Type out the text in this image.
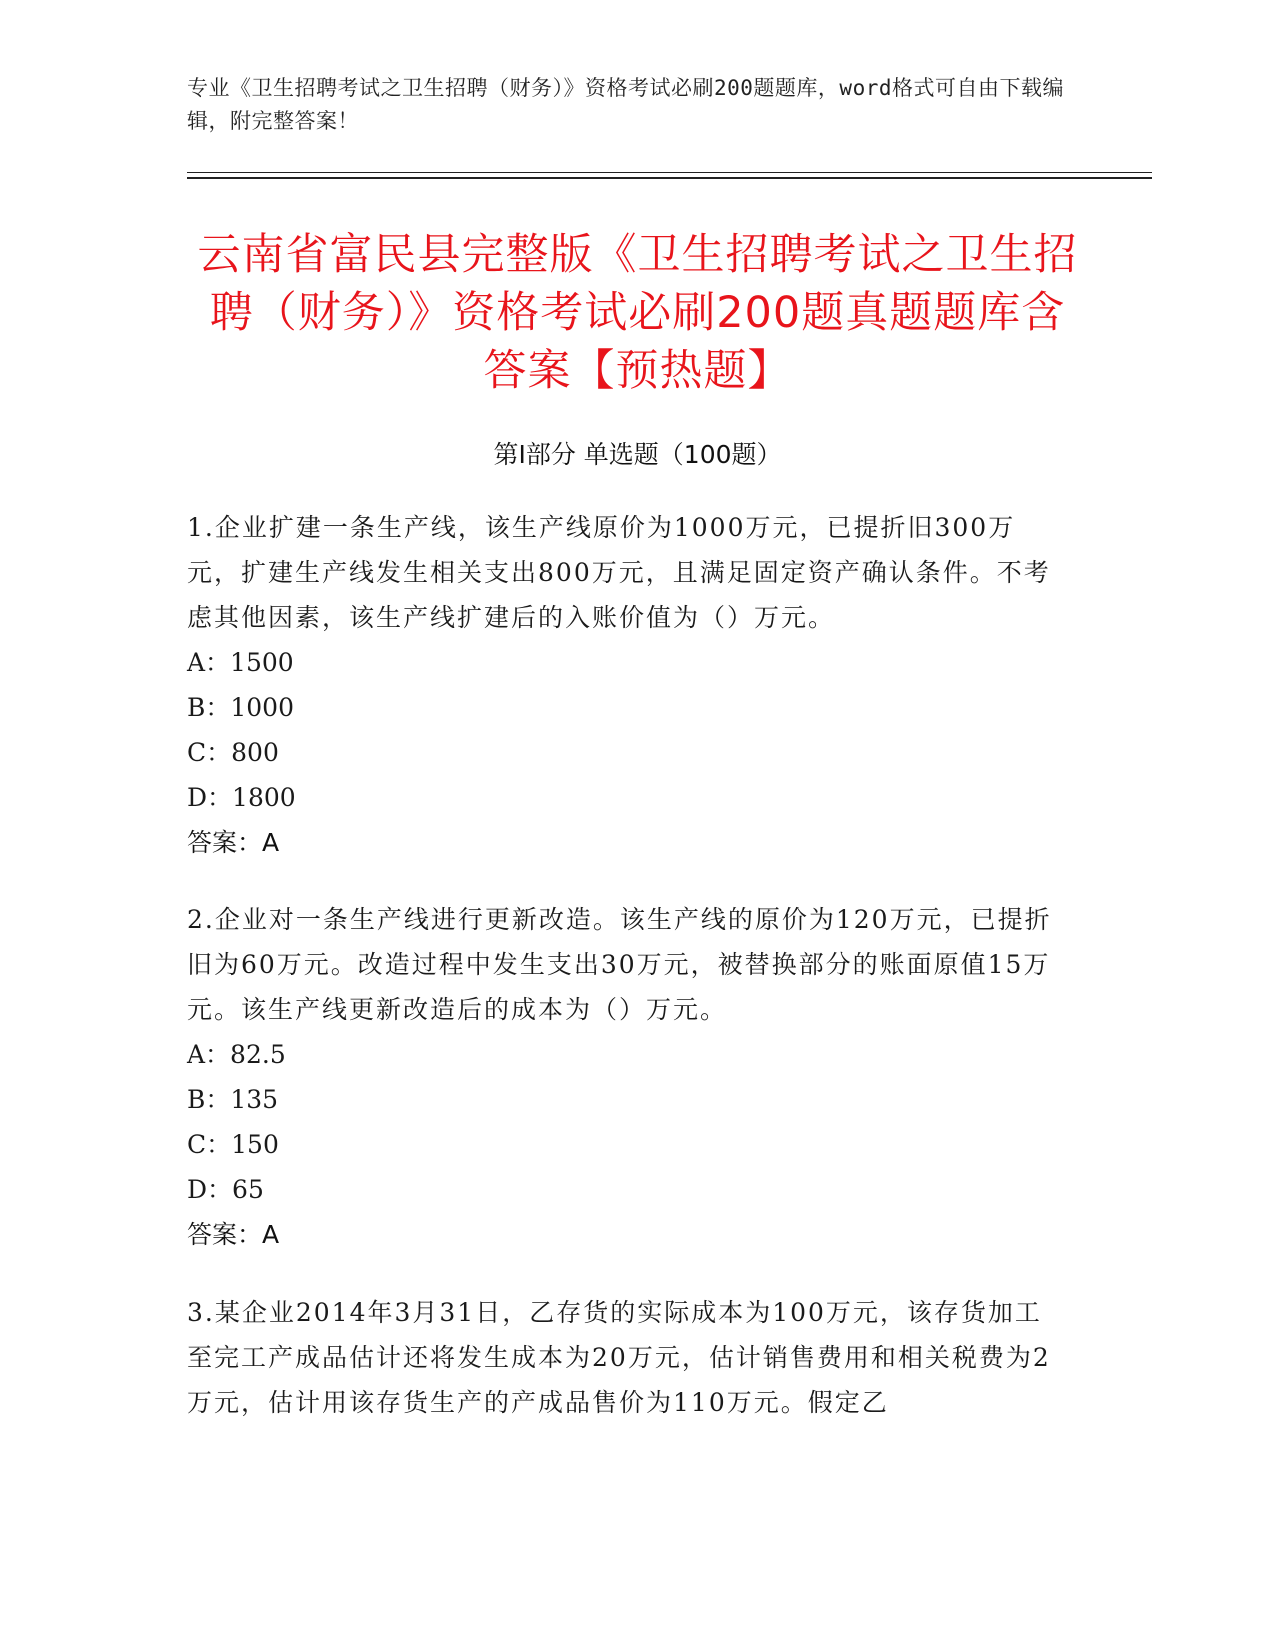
专业《卫生招聘考试之卫生招聘（财务）》资格考试必刷200题题库，word格式可自由下载编辑，附完整答案！
云南省富民县完整版《卫生招聘考试之卫生招聘（财务）》资格考试必刷200题真题题库含答案【预热题】
第Ⅰ部分 单选题（100题）

1.企业扩建一条生产线，该生产线原价为1000万元，已提折旧300万元，扩建生产线发生相关支出800万元，且满足固定资产确认条件。不考虑其他因素，该生产线扩建后的入账价值为（）万元。

A：1500

B：1000

C：800

D：1800

答案：A

2.企业对一条生产线进行更新改造。该生产线的原价为120万元，已提折旧为60万元。改造过程中发生支出30万元，被替换部分的账面原值15万元。该生产线更新改造后的成本为（）万元。

A：82.5

B：135

C：150

D：65

答案：A

3.某企业2014年3月31日，乙存货的实际成本为100万元，该存货加工至完工产成品估计还将发生成本为20万元，估计销售费用和相关税费为2万元，估计用该存货生产的产成品售价为110万元。假定乙
